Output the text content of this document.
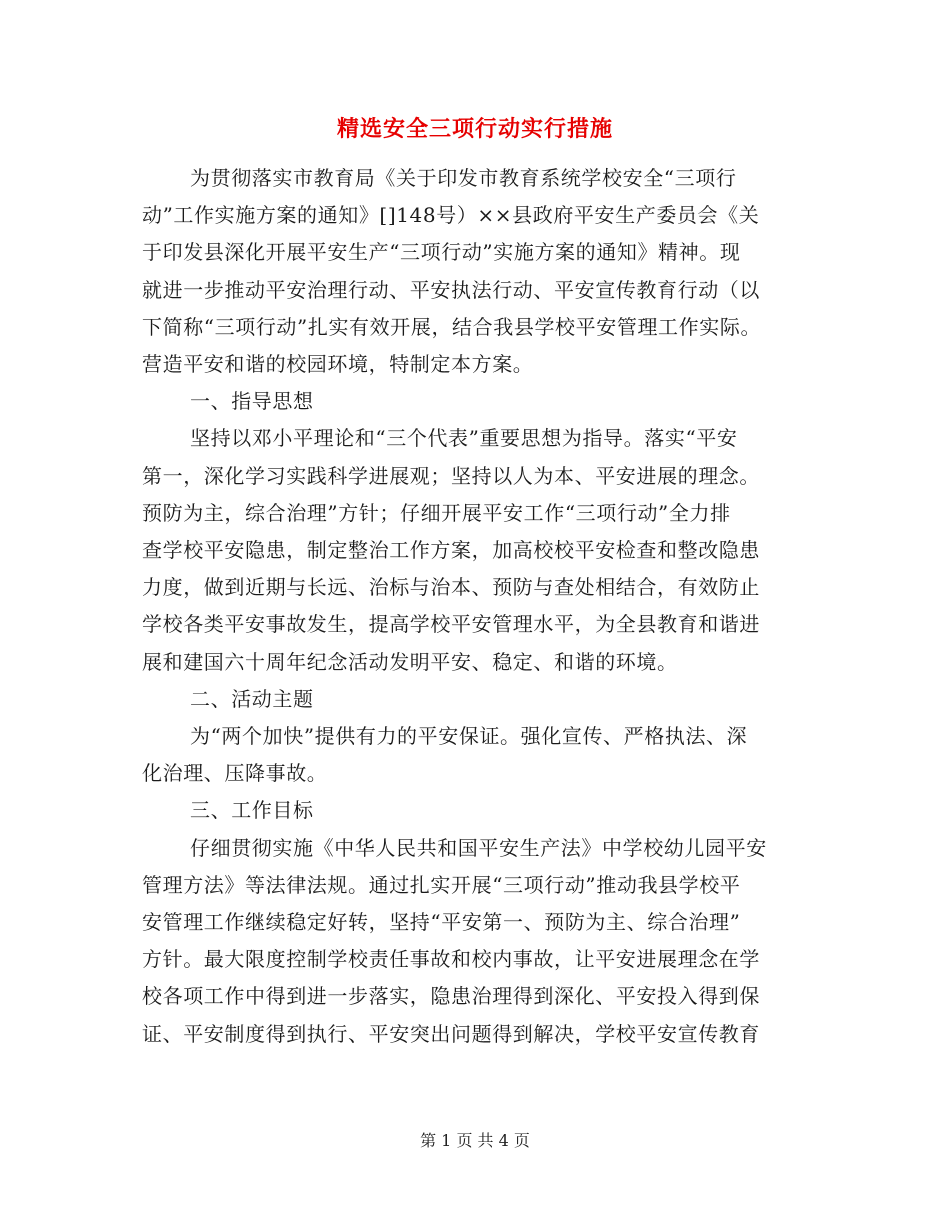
精选安全三项行动实行措施
为贯彻落实市教育局《关于印发市教育系统学校安全“三项行
动”工作实施方案的通知》[]148号）××县政府平安生产委员会《关
于印发县深化开展平安生产“三项行动”实施方案的通知》精神。现
就进一步推动平安治理行动、平安执法行动、平安宣传教育行动（以
下简称“三项行动”扎实有效开展，结合我县学校平安管理工作实际。
营造平安和谐的校园环境，特制定本方案。
一、指导思想
坚持以邓小平理论和“三个代表”重要思想为指导。落实“平安
第一，深化学习实践科学进展观；坚持以人为本、平安进展的理念。
预防为主，综合治理”方针；仔细开展平安工作“三项行动”全力排
查学校平安隐患，制定整治工作方案，加高校校平安检查和整改隐患
力度，做到近期与长远、治标与治本、预防与查处相结合，有效防止
学校各类平安事故发生，提高学校平安管理水平，为全县教育和谐进
展和建国六十周年纪念活动发明平安、稳定、和谐的环境。
二、活动主题
为“两个加快”提供有力的平安保证。强化宣传、严格执法、深
化治理、压降事故。
三、工作目标
仔细贯彻实施《中华人民共和国平安生产法》中学校幼儿园平安
管理方法》等法律法规。通过扎实开展“三项行动”推动我县学校平
安管理工作继续稳定好转，坚持“平安第一、预防为主、综合治理”
方针。最大限度控制学校责任事故和校内事故，让平安进展理念在学
校各项工作中得到进一步落实，隐患治理得到深化、平安投入得到保
证、平安制度得到执行、平安突出问题得到解决，学校平安宣传教育

第 1 页 共 4 页
